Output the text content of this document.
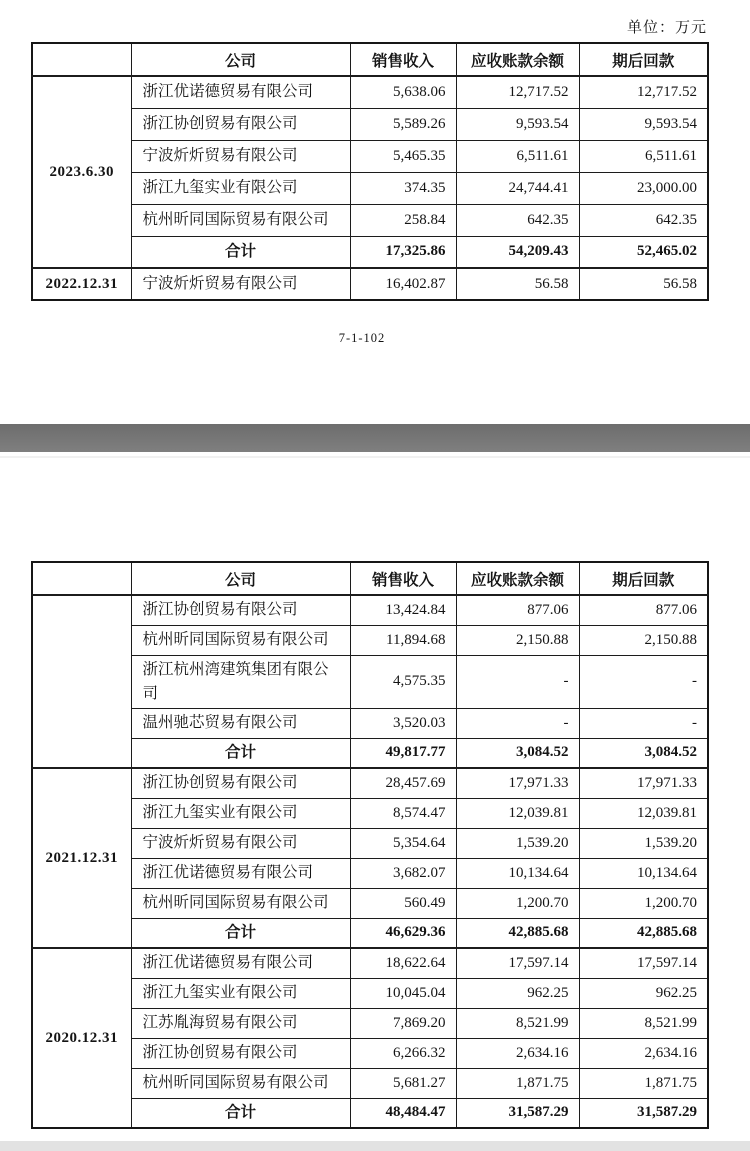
单位：万元
	公司	销售收入	应收账款余额	期后回款
2023.6.30	浙江优诺德贸易有限公司	5,638.06	12,717.52	12,717.52
	浙江协创贸易有限公司	5,589.26	9,593.54	9,593.54
	宁波炘炘贸易有限公司	5,465.35	6,511.61	6,511.61
	浙江九玺实业有限公司	374.35	24,744.41	23,000.00
	杭州昕同国际贸易有限公司	258.84	642.35	642.35
	合计	17,325.86	54,209.43	52,465.02
2022.12.31	宁波炘炘贸易有限公司	16,402.87	56.58	56.58
7-1-102
	公司	销售收入	应收账款余额	期后回款
	浙江协创贸易有限公司	13,424.84	877.06	877.06
	杭州昕同国际贸易有限公司	11,894.68	2,150.88	2,150.88
	浙江杭州湾建筑集团有限公司	4,575.35	-	-
	温州驰芯贸易有限公司	3,520.03	-	-
	合计	49,817.77	3,084.52	3,084.52
2021.12.31	浙江协创贸易有限公司	28,457.69	17,971.33	17,971.33
	浙江九玺实业有限公司	8,574.47	12,039.81	12,039.81
	宁波炘炘贸易有限公司	5,354.64	1,539.20	1,539.20
	浙江优诺德贸易有限公司	3,682.07	10,134.64	10,134.64
	杭州昕同国际贸易有限公司	560.49	1,200.70	1,200.70
	合计	46,629.36	42,885.68	42,885.68
2020.12.31	浙江优诺德贸易有限公司	18,622.64	17,597.14	17,597.14
	浙江九玺实业有限公司	10,045.04	962.25	962.25
	江苏胤海贸易有限公司	7,869.20	8,521.99	8,521.99
	浙江协创贸易有限公司	6,266.32	2,634.16	2,634.16
	杭州昕同国际贸易有限公司	5,681.27	1,871.75	1,871.75
	合计	48,484.47	31,587.29	31,587.29
